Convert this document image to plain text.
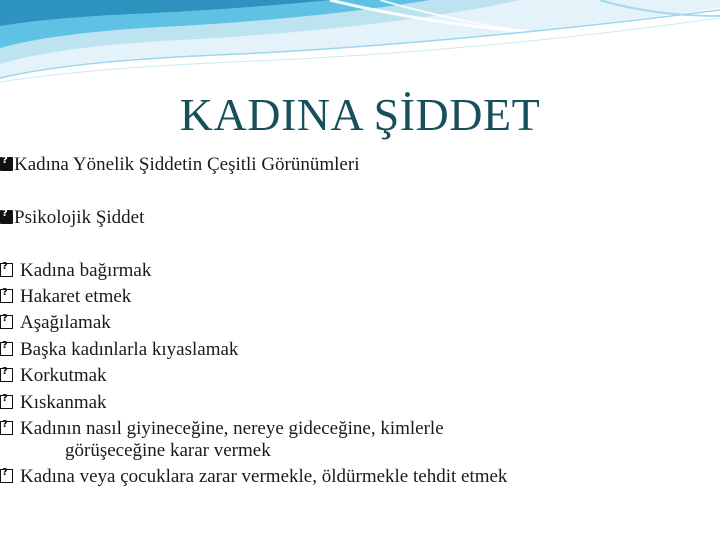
KADINA ŞİDDET
?Kadına Yönelik Şiddetin Çeşitli Görünümleri
?Psikolojik Şiddet
?Kadına bağırmak
?Hakaret etmek
?Aşağılamak
?Başka kadınlarla kıyaslamak
?Korkutmak
?Kıskanmak
?Kadının nasıl giyineceğine, nereye gideceğine, kimlerle
görüşeceğine karar vermek
?Kadına veya çocuklara zarar vermekle, öldürmekle tehdit etmek
